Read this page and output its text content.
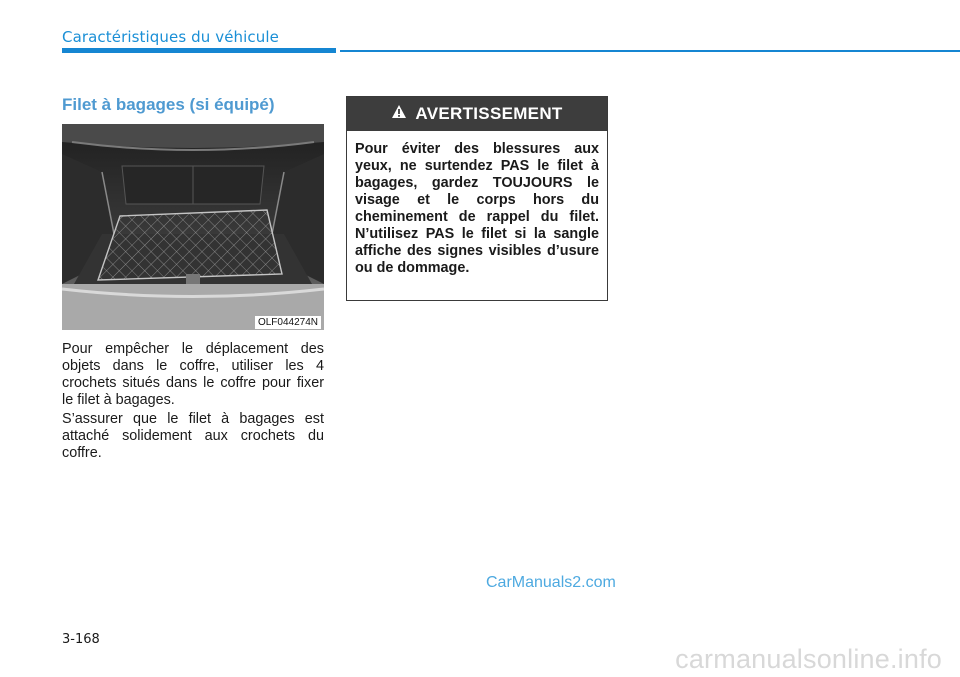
Caractéristiques du véhicule
Filet à bagages (si équipé)
OLF044274N

Pour empêcher le déplacement des objets dans le coffre, utiliser les 4 crochets situés dans le coffre pour fixer le filet à bagages.

S’assurer que le filet à bagages est attaché solidement aux crochets du coffre.

AVERTISSEMENT
Pour éviter des blessures aux yeux, ne surtendez PAS le filet à bagages, gardez TOUJOURS le visage et le corps hors du cheminement de rappel du filet. N’utilisez PAS le filet si la sangle affiche des signes visibles d’usure ou de dommage.
CarManuals2.com
3-168
carmanualsonline.info
